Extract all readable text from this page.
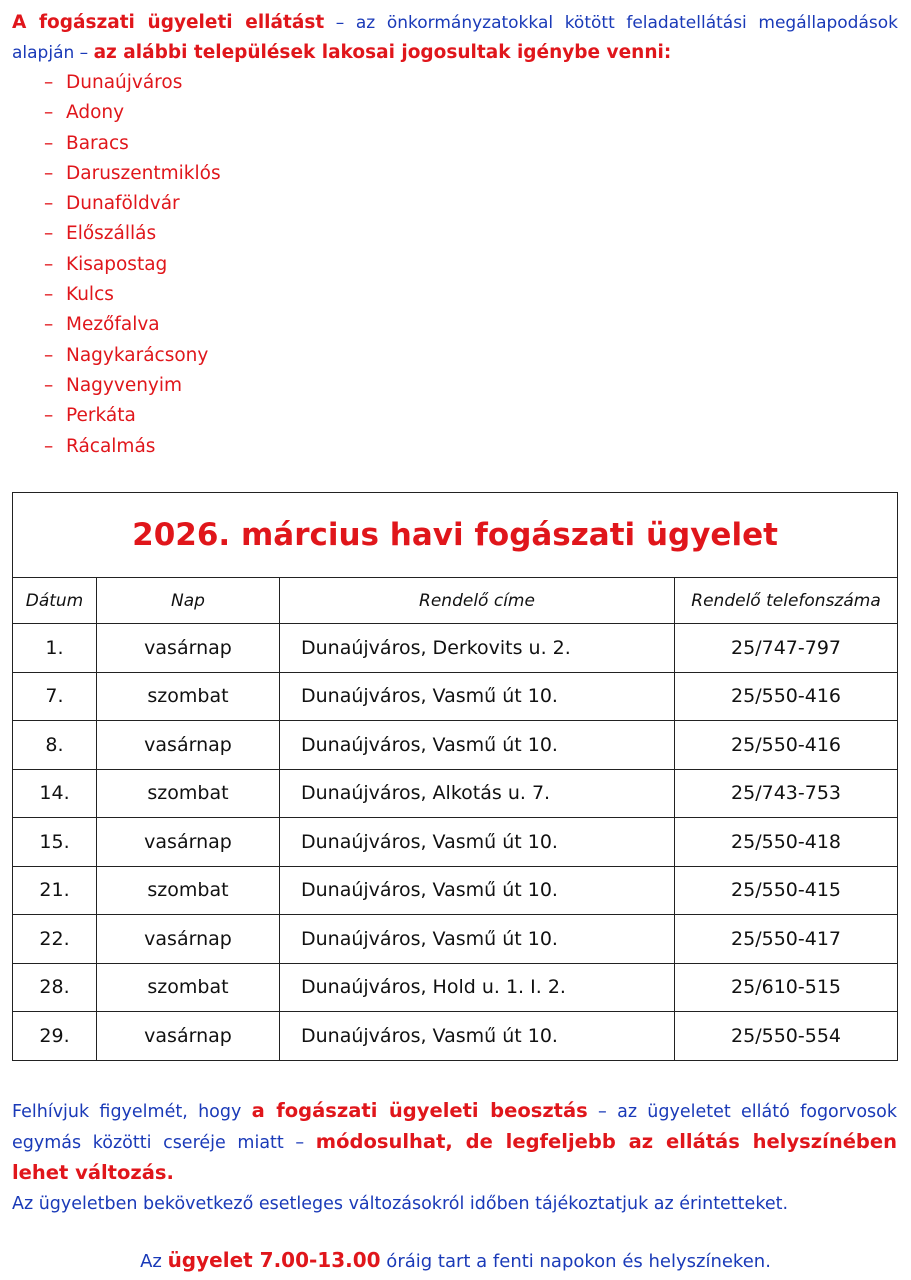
A fogászati ügyeleti ellátást – az önkormányzatokkal kötött feladatellátási megállapodások alapján – az alábbi települések lakosai jogosultak igénybe venni:
– Dunaújváros
– Adony
– Baracs
– Daruszentmiklós
– Dunaföldvár
– Előszállás
– Kisapostag
– Kulcs
– Mezőfalva
– Nagykarácsony
– Nagyvenyim
– Perkáta
– Rácalmás
2026. március havi fogászati ügyelet			
Dátum	Nap	Rendelő címe	Rendelő telefonszáma
1.	vasárnap	Dunaújváros, Derkovits u. 2.	25/747-797
7.	szombat	Dunaújváros, Vasmű út 10.	25/550-416
8.	vasárnap	Dunaújváros, Vasmű út 10.	25/550-416
14.	szombat	Dunaújváros, Alkotás u. 7.	25/743-753
15.	vasárnap	Dunaújváros, Vasmű út 10.	25/550-418
21.	szombat	Dunaújváros, Vasmű út 10.	25/550-415
22.	vasárnap	Dunaújváros, Vasmű út 10.	25/550-417
28.	szombat	Dunaújváros, Hold u. 1. I. 2.	25/610-515
29.	vasárnap	Dunaújváros, Vasmű út 10.	25/550-554

Felhívjuk figyelmét, hogy a fogászati ügyeleti beosztás – az ügyeletet ellátó fogorvosok egymás közötti cseréje miatt – módosulhat, de legfeljebb az ellátás helyszínében lehet változás.

Az ügyeletben bekövetkező esetleges változásokról időben tájékoztatjuk az érintetteket.

Az ügyelet 7.00-13.00 óráig tart a fenti napokon és helyszíneken.
